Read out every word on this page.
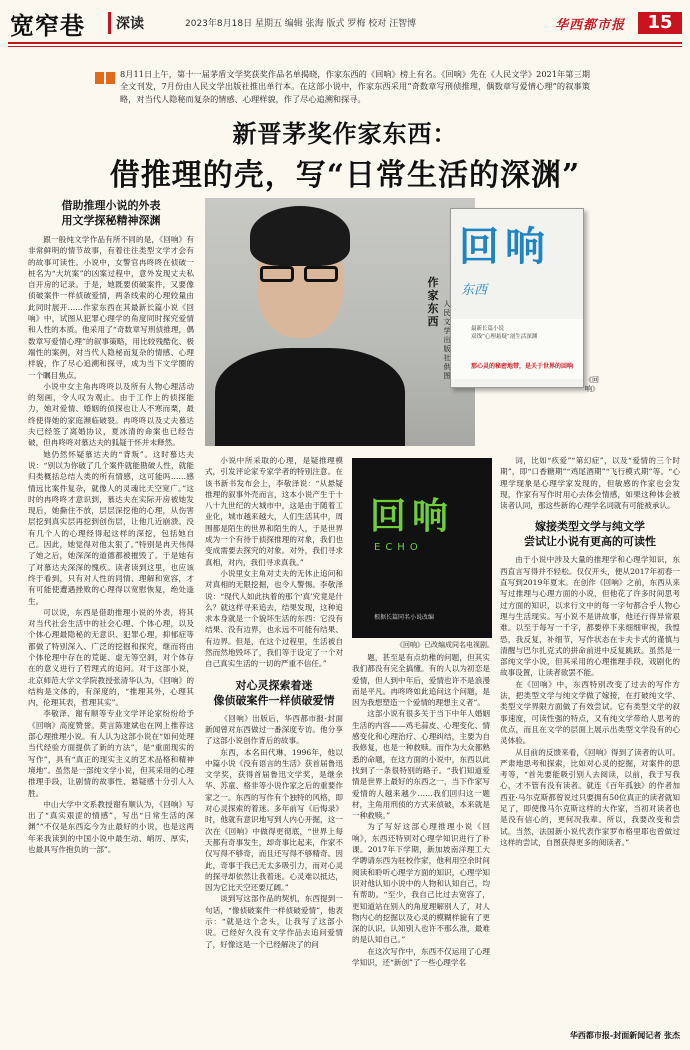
宽窄巷 深读	2023年8月18日 星期五 编辑 张海 版式 罗梅 校对 汪智博	华西都市报	15
8月11日上午，第十一届茅盾文学奖获奖作品名单揭晓，作家东西的《回响》榜上有名。《回响》先在《人民文学》2021年第三期全文刊发，7月份由人民文学出版社推出单行本。在这部小说中，作家东西采用“奇数章写刑侦推理，偶数章写爱情心理”的叙事策略，对当代人隐秘而复杂的情感、心理样貌，作了尽心追溯和探寻。
新晋茅奖作家东西：
借推理的壳，写“日常生活的深渊”
借助推理小说的外表
用文学探秘精神深渊

跟一般纯文学作品有所不同的是，《回响》有非常鲜明的情节故事，有着往往类型文学才会有的故事可读性。小说中，女警官冉咚咚在侦破一桩名为“大坑案”的凶案过程中，意外发现丈夫私自开房的记录。于是，她既要侦破案件，又要像侦破案件一样侦破爱情，两条线索的心理较量由此同时展开……作家东西在其最新长篇小说《回响》中，试图从犯罪心理学的角度同时探究爱情和人性的本质。他采用了“奇数章写刑侦推理，偶数章写爱情心理”的叙事策略，用比较残酷化、极端性的案例，对当代人隐秘而复杂的情感、心理样貌，作了尽心追溯和探寻，成为当下文学圈的一个瞩目焦点。

小说中女主角冉咚咚以及所有人物心理活动的刻画，令人叹为观止。由于工作上的侦探能力，她对爱情、婚姻的侦探也让人不寒而栗，最终使得她的家庭濒临破裂。冉咚咚以及丈夫慕达夫已经签了离婚协议，夏冰清的命案也已经告破，但冉咚咚对慕达夫的狐疑于怀并未释然。

她仍然怀疑慕达夫的“背叛”。这时慕达夫说：“别以为你破了几个案件就能勘破人性，就能归类概括总结人类的所有情感，这可能吗……感情远比案件复杂，就像人的灵魂比天空宽广。”这时的冉咚咚才意识到，慕达夫在实际开房被她发现后，她撕住不放，层层深挖他的心理，从伤害层挖到真实层再挖到创伤层，让他几近崩溃。没有几个人的心理经得起这样的深挖，包括她自己。因此，她觉得对他太狠了。”特别是冉天伟得了她之后，她深深的道德都被摧毁了。于是她有了对慕达夫深深的愧疚。读者读到这里，也应该终于看到，只有对人性的同情、理解和宽容，才有可能使遭遇挫败的心理得以宽慰恢复，绝处逢生。

可以说，东西是借助推理小说的外表，将其对当代社会生活中的社会心理、个体心理，以及个体心理最隐秘的无意识、犯罪心理，抑郁症等都做了特别深入、广泛的挖掘和探究，继而将由个体伦理中存在的荒诞、虚无等空洞，对个体存在的意义进行了哲理式的追问。对于这部小说，北京师范大学文学院教授张清华认为，《回响》的结构是文体的，有深度的，“推理其外，心理其内，伦理其表，哲理其实”。

李敬泽、谢有顺等专业文学评论家纷纷给予《回响》高度赞誉。莫言陈建斌也在网上推荐这部心理推理小说。有人认为这部小说在“如何处理当代经验方面提供了新的方法”，是“重面现实的写作”，具有“真正的现实主义的艺术品格和精神境地”。虽然是一部纯文学小说，但其采用的心理推理手段，让剧情的故事性、悬疑感十分引人入胜。

中山大学中文系教授谢有顺认为，《回响》写出了“真实艰涩的情感”，写出“日常生活的深渊”“不仅是东西迄今为止最好的小说，也是这两年来我读到的中国小说中最生动、峭厉、厚实，也最具写作抱负的一部”。

作家东西
人民文学出版社供图
回响
东西
最新长篇小说
双线“心理悬疑”剖生活深渊
那心灵的秘密地带，是关于世界的回响
《回响》

小说中所采取的心理，是疑推理模式，引发评论家专家学者的特别注意。在该书新书发布会上，李敬泽说：“从悬疑推理的叙事外壳而言，这本小说产生于十八十九世纪的大城市中，这是由于随着工业化，城市越来越大，人们生活其中，周围都是陌生的世界和陌生的人，于是世界成为一个有待于侦探推理的对象，我们也变成需要去探究的对象。对外，我们寻求真相，对内，我们寻求真我。”

小说里女主角对丈夫的无休止追问和对真相的无限挖掘，也令人警惕。李敬泽说：“现代人如此执着的那个‘真’究竟是什么？就这样寻来追去，结果发现，这种追求本身就是一个貌坏生活的东西：它没有结果、没有边界，也永远不可能有结果、有边界。但是，在这个过程里，生活被自然而然地毁坏了，我们等于设定了一个对自己真实生活的一切的严重不信任。”

对心灵探索着迷
像侦破案件一样侦破爱情

《回响》出版后，华西都市报-封面新闻曾对东西做过一番深度专访。他分享了这部小说创作背后的故事。

东西，本名田代琳，1996年，他以中篇小说《没有语言的生活》获首届鲁迅文学奖，获得首届鲁迅文学奖，是继余华、苏童、格非等小说作家之后的重要作家之一。东西的写作有个独特的风格，即对心灵探索的着迷。多年前写《后悔录》时，他就有意识地写到人内心开掘，这一次在《回响》中做得更彻底，“世界上每天都有奇事发生，却奇事比起来，作家不仅写得不够奇，而且还写得不够精奇。因此，奇事于我已无太多吸引力，而对心灵的探寻却依然让我着迷。心灵难以抵达，因为它比天空还要辽阔。”

谈到写这部作品的契机，东西提到一句话，“像侦破案件一样侦破爱情”，他表示：“就是这个念头，让我写了这部小说。已经好久没有文学作品去追问爱情了，好像这是一个已经解决了的问

回响
ECHO
根据长篇同名小说改编
《回响》已改编成同名电视剧。

题，甚至是有点幼稚的问题，但其实我们都没有完全搞懂。有的人以为初恋是爱情，但人到中年后，爱情也许不是浪漫而是平凡。冉咚咚如此追问这个问题，是因为我想塑造一个爱情的理想主义者”。

这部小说有很多关于当下中年人婚姻生活的内容——鸡毛蒜皮、心理变化、情感变化和心理治疗、心理纠结，主要为自我修复，也是一种救赎。而作为大众都熟悉的命题，在这方面的小说中，东西以此找到了一条很特别的路子。“我们知道爱情是世界上最好的东西之一，当下作家写爱情的人越来越少……我们回归这一题材，主角用刑侦的方式来侦破，本来就是一种救赎。”

为了写好这部心理推理小说《回响》，东西还特别对心理学知识进行了补课。2017年下学期，新加坡南洋理工大学聘请东西为驻校作家，他利用空余时间阅读和聆听心理学方面的知识，心理学知识对他认知小说中的人物和认知自己，均有帮助。“至少，我自己比过去宽容了，更知道站在别人的角度理解别人了，对人物内心的挖掘以及心灵的模糊样貌有了更深的认识。认知别人也许不那么准，最难的是认知自己。”

在这次写作中，东西不仅运用了心理学知识，还“新创”了一些心理学名

词，比如“疚爱”“第幻症”，以及“爱情的三个时期”，即“口香糖期”“鸡尾酒期”“飞行模式期”等。“心理学现象是心理学家发现的，但敏感的作家也会发现，作家有写作时用心去体会情感，如果这种体会被读者认同，那这些新的心理学名词就有可能被承认。

嫁接类型文学与纯文学
尝试让小说有更高的可读性

由于小说中涉及大量的推理学和心理学知识，东西直言写得并不轻松。仅仅开头，便从2017年初春一直写到2019年夏末。在创作《回响》之前，东西从来写过推理与心理方面的小说，但他花了许多时间思考过方面的知识，以求行文中的每一字句都合乎人物心理与生活现实。写小说不是讲故事，他还行得异常艰难。以至于每写一千字，都要停下来细细审视，我惶恐，我反复，补细节，写作状态在卡夫卡式的谨慎与清醒与巴尔扎克式的拼命前进中反复跳跃。虽然是一部纯文学小说，但其采用的心理推理手段，戏剧化的故事设置，让读者欲罢不能。

在《回响》中，东西特别改变了过去的写作方法，把类型文学与纯文学做了嫁接，在打破纯文学、类型文学界限方面做了有效尝试。它有类型文学的叙事速度，可读性强的特点，又有纯文学带给人思考的优点，而且在文学的层面上展示出类型文学没有的心灵体验。

从目前的反馈来看，《回响》得到了读者的认可。严肃地思考和探索，比如对心灵的挖掘，对案件的思考等，“首先要能吸引别人去阅读，以前，我于写我心，才不管有没有读者。就连《百年孤独》的作者加西亚·马尔克斯都曾说过只要拥有50位真正的读者就知足了，即使像马尔克斯这样的大作家，当初对读者也是没有信心的，更何况我辈。所以，我要改变和尝试。当然，法国新小说代表作家罗布格里耶也曾做过这样的尝试，自图获得更多的阅读者。”

华西都市报-封面新闻记者 张杰
